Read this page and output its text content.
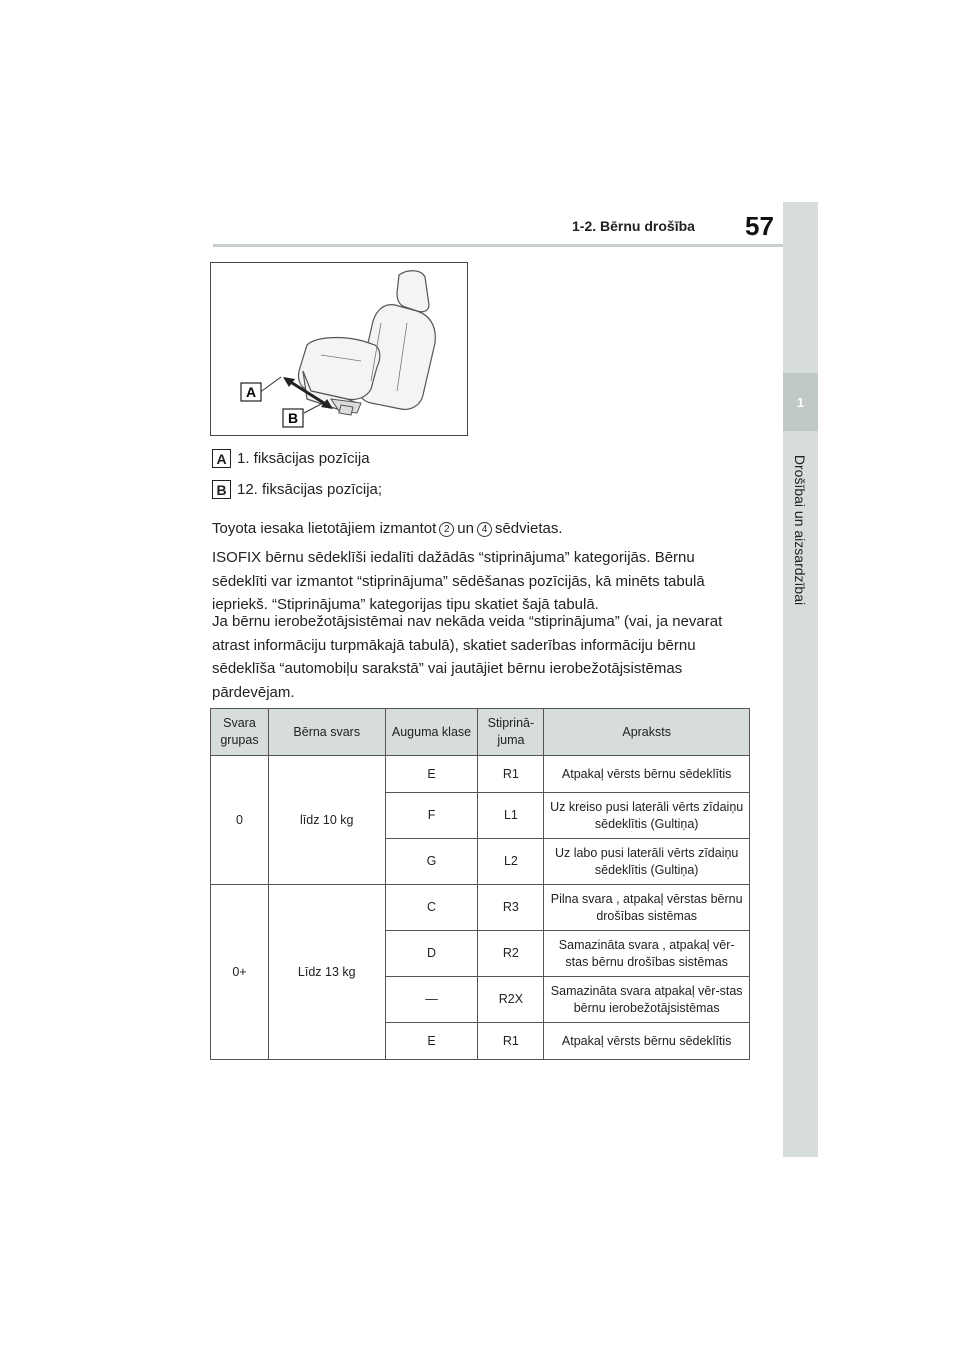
1-2. Bērnu drošība 57
1
Drošībai un aizsardzībai
A
B
A 1. fiksācijas pozīcija
B 12. fiksācijas pozīcija;
Toyota iesaka lietotājiem izmantot 2 un 4 sēdvietas.
ISOFIX bērnu sēdeklīši iedalīti dažādās “stiprinājuma” kategorijās. Bērnu sēdeklīti var izmantot “stiprinājuma” sēdēšanas pozīcijās, kā minēts tabulā iepriekš. “Stiprinājuma” kategorijas tipu skatiet šajā tabulā.
Ja bērnu ierobežotājsistēmai nav nekāda veida “stiprinājuma” (vai, ja nevarat atrast informāciju turpmākajā tabulā), skatiet saderības informāciju bērnu sēdeklīša “automobiļu sarakstā” vai jautājiet bērnu ierobežotājsistēmas pārdevējam.
Svara grupas	Bērna svars	Auguma klase	Stiprinā-juma	Apraksts
0	līdz 10 kg	E	R1	Atpakaļ vērsts bērnu sēdeklītis
		F	L1	Uz kreiso pusi laterāli vērts zīdaiņu sēdeklītis (Gultiņa)
		G	L2	Uz labo pusi laterāli vērts zīdaiņu sēdeklītis (Gultiņa)
0+	Līdz 13 kg	C	R3	Pilna svara , atpakaļ vērstas bērnu drošības sistēmas
		D	R2	Samazināta svara , atpakaļ vēr-stas bērnu drošības sistēmas
		—	R2X	Samazināta svara atpakaļ vēr-stas bērnu ierobežotājsistēmas
		E	R1	Atpakaļ vērsts bērnu sēdeklītis
